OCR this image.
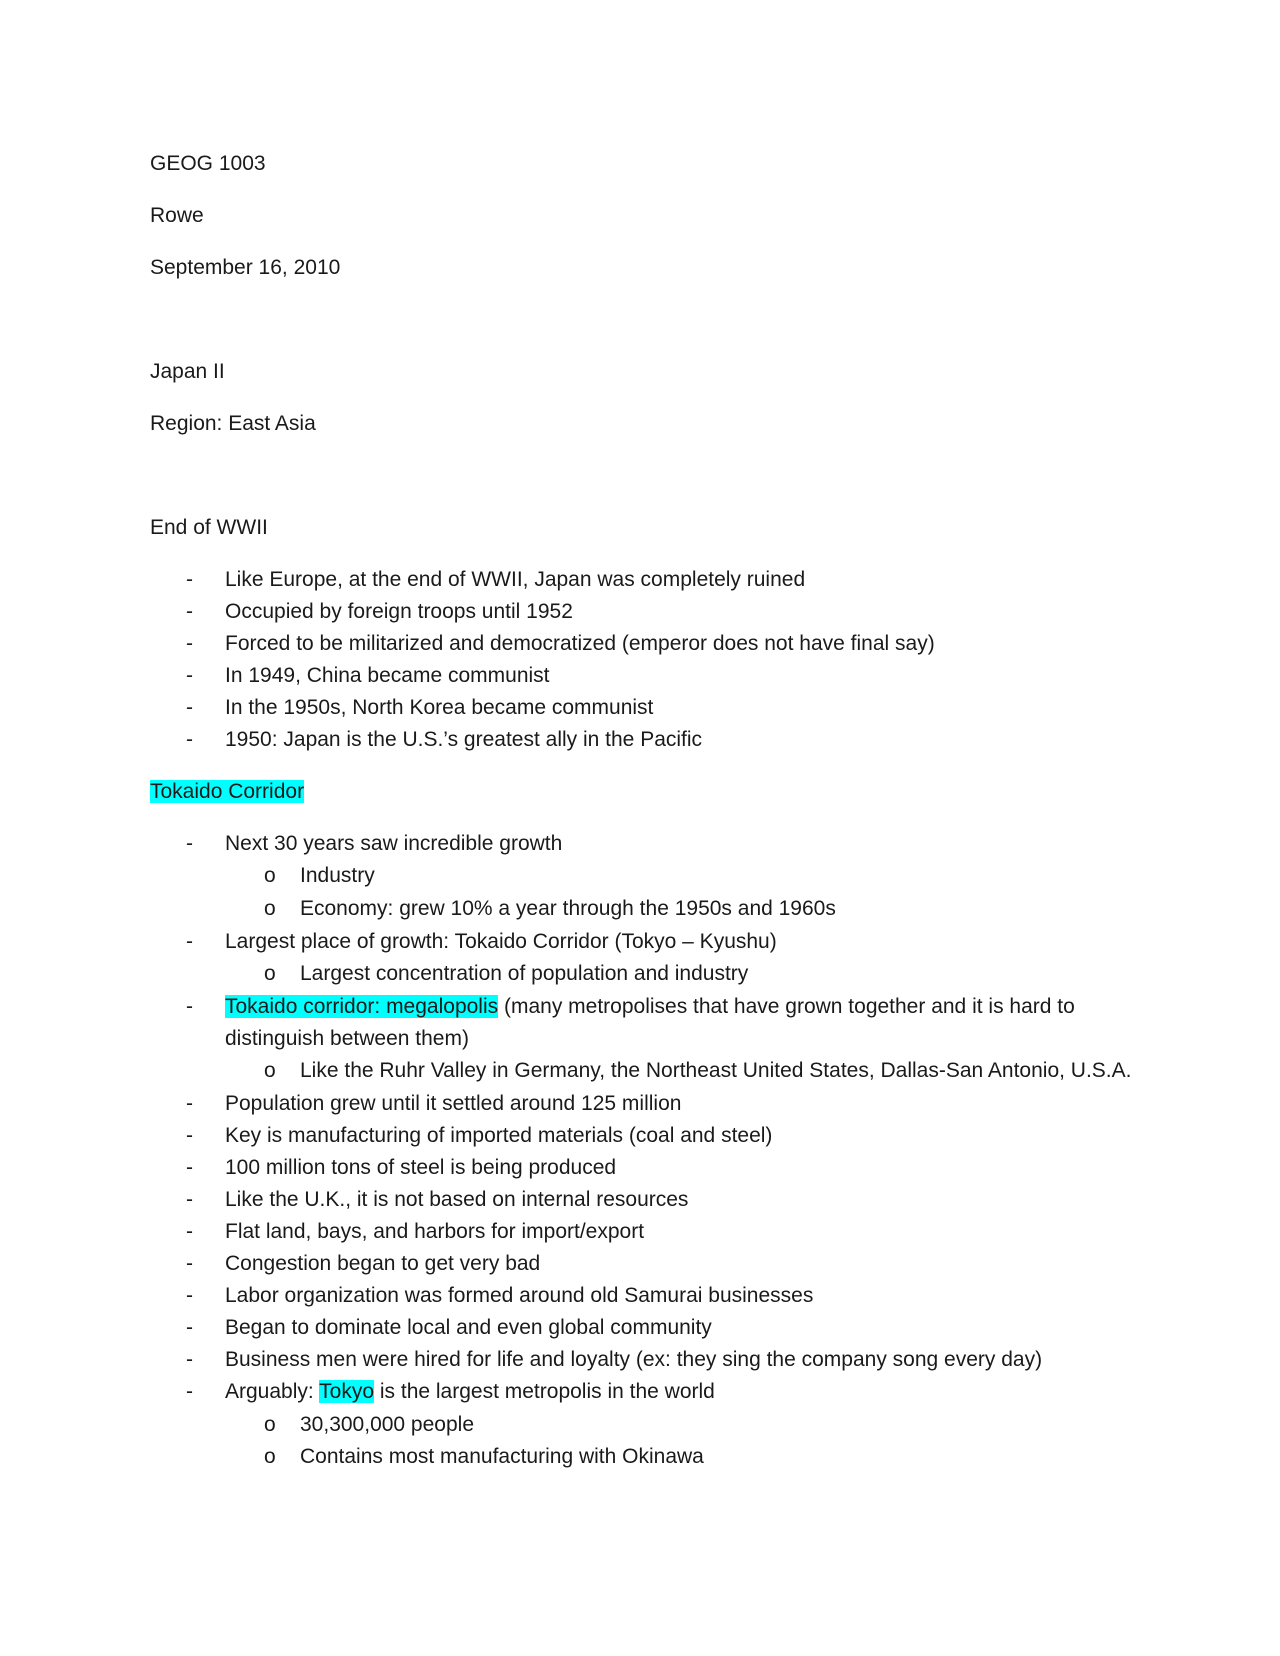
GEOG 1003
Rowe
September 16, 2010
Japan II
Region: East Asia
End of WWII
- Like Europe, at the end of WWII, Japan was completely ruined
- Occupied by foreign troops until 1952
- Forced to be militarized and democratized (emperor does not have final say)
- In 1949, China became communist
- In the 1950s, North Korea became communist
- 1950: Japan is the U.S.’s greatest ally in the Pacific
Tokaido Corridor
- Next 30 years saw incredible growth
o Industry
o Economy: grew 10% a year through the 1950s and 1960s
- Largest place of growth: Tokaido Corridor (Tokyo – Kyushu)
o Largest concentration of population and industry
- Tokaido corridor: megalopolis (many metropolises that have grown together and it is hard to
distinguish between them)
o Like the Ruhr Valley in Germany, the Northeast United States, Dallas-San Antonio, U.S.A.
- Population grew until it settled around 125 million
- Key is manufacturing of imported materials (coal and steel)
- 100 million tons of steel is being produced
- Like the U.K., it is not based on internal resources
- Flat land, bays, and harbors for import/export
- Congestion began to get very bad
- Labor organization was formed around old Samurai businesses
- Began to dominate local and even global community
- Business men were hired for life and loyalty (ex: they sing the company song every day)
- Arguably: Tokyo is the largest metropolis in the world
o 30,300,000 people
o Contains most manufacturing with Okinawa
